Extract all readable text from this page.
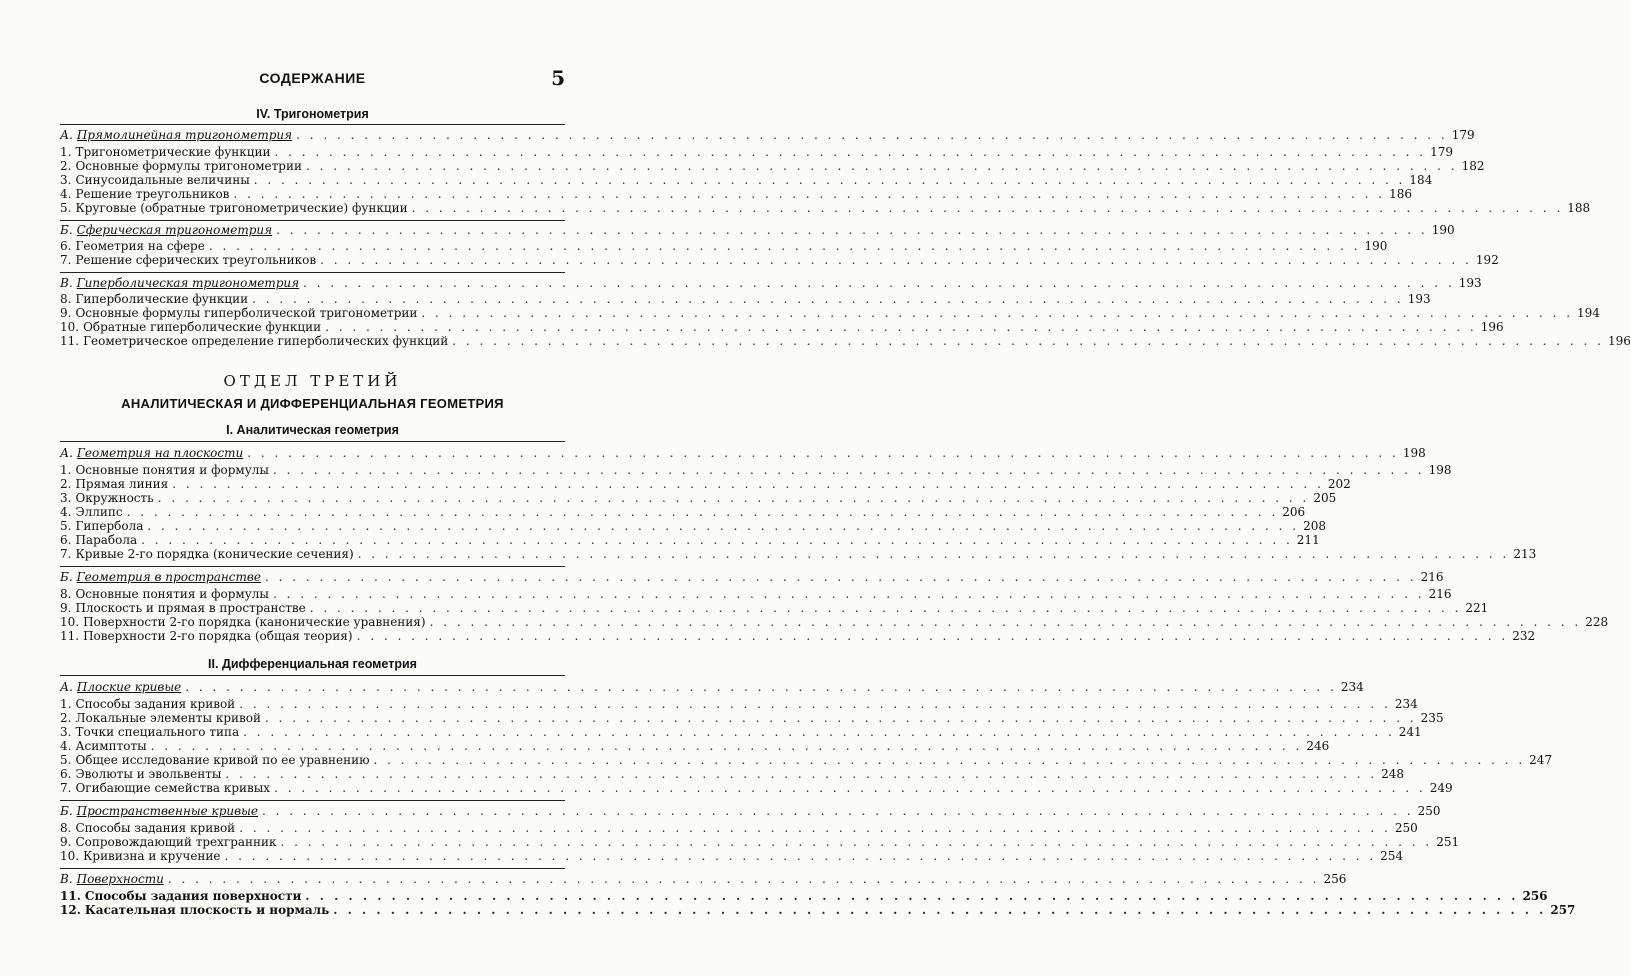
СОДЕРЖАНИЕ	5
IV. Тригонометрия
А. Прямолинейная тригонометрия . . .	179
1. Тригонометрические функции . . .	179
2. Основные формулы тригонометрии . . .	182
3. Синусоидальные величины . . .	184
4. Решение треугольников . . .	186
5. Круговые (обратные тригонометрические) функции . . .	188
Б. Сферическая тригонометрия . . .	190
6. Геометрия на сфере . . .	190
7. Решение сферических треугольников . . .	192
В. Гиперболическая тригонометрия . . .	193
8. Гиперболические функции . . .	193
9. Основные формулы гиперболической тригонометрии . . .	194
10. Обратные гиперболические функции . . .	196
11. Геометрическое определение гиперболических функций . . .	196
ОТДЕЛ ТРЕТИЙ
АНАЛИТИЧЕСКАЯ И ДИФФЕРЕНЦИАЛЬНАЯ ГЕОМЕТРИЯ
I. Аналитическая геометрия
А. Геометрия на плоскости . . .	198
1. Основные понятия и формулы . . .	198
2. Прямая линия . . .	202
3. Окружность . . .	205
4. Эллипс . . .	206
5. Гипербола . . .	208
6. Парабола . . .	211
7. Кривые 2-го порядка (конические сечения) . . .	213
Б. Геометрия в пространстве . . .	216
8. Основные понятия и формулы . . .	216
9. Плоскость и прямая в пространстве . . .	221
10. Поверхности 2-го порядка (канонические уравнения) . . .	228
11. Поверхности 2-го порядка (общая теория) . . .	232
II. Дифференциальная геометрия
А. Плоские кривые . . .	234
1. Способы задания кривой . . .	234
2. Локальные элементы кривой . . .	235
3. Точки специального типа . . .	241
4. Асимптоты . . .	246
5. Общее исследование кривой по ее уравнению . . .	247
6. Эволюты и эвольвенты . . .	248
7. Огибающие семейства кривых . . .	249
Б. Пространственные кривые . . .	250
8. Способы задания кривой . . .	250
9. Сопровождающий трехгранник . . .	251
10. Кривизна и кручение . . .	254
В. Поверхности . . .	256
11. Способы задания поверхности . . .	256
12. Касательная плоскость и нормаль . . .	257
